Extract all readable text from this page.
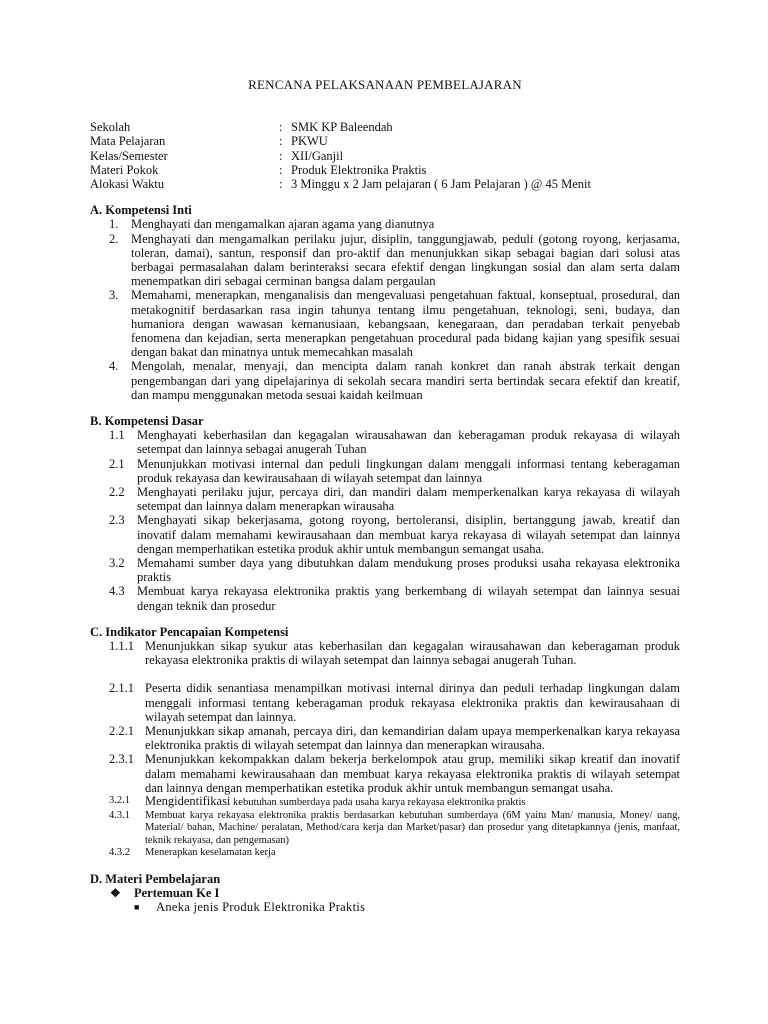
RENCANA PELAKSANAAN PEMBELAJARAN
Sekolah	: SMK KP Baleendah
Mata Pelajaran	: PKWU
Kelas/Semester	: XII/Ganjil
Materi Pokok	: Produk Elektronika Praktis
Alokasi Waktu	: 3 Minggu x 2 Jam pelajaran ( 6 Jam Pelajaran ) @ 45 Menit
A. Kompetensi Inti
1.	Menghayati dan mengamalkan ajaran agama yang dianutnya
2.	Menghayati dan mengamalkan perilaku jujur, disiplin, tanggungjawab, peduli (gotong royong, kerjasama, toleran, damai), santun, responsif dan pro-aktif dan menunjukkan sikap sebagai bagian dari solusi atas berbagai permasalahan dalam berinteraksi secara efektif dengan lingkungan sosial dan alam serta dalam menempatkan diri sebagai cerminan bangsa dalam pergaulan
3.	Memahami, menerapkan, menganalisis dan mengevaluasi pengetahuan faktual, konseptual, prosedural, dan metakognitif berdasarkan rasa ingin tahunya tentang ilmu pengetahuan, teknologi, seni, budaya, dan humaniora dengan wawasan kemanusiaan, kebangsaan, kenegaraan, dan peradaban terkait penyebab fenomena dan kejadian, serta menerapkan pengetahuan procedural pada bidang kajian yang spesifik sesuai dengan bakat dan minatnya untuk memecahkan masalah
4.	Mengolah, menalar, menyaji, dan mencipta dalam ranah konkret dan ranah abstrak terkait dengan pengembangan dari yang dipelajarinya di sekolah secara mandiri serta bertindak secara efektif dan kreatif, dan mampu menggunakan metoda sesuai kaidah keilmuan
B. Kompetensi Dasar
1.1 Menghayati keberhasilan dan kegagalan wirausahawan dan keberagaman produk rekayasa di wilayah setempat dan lainnya sebagai anugerah Tuhan
2.1 Menunjukkan motivasi internal dan peduli lingkungan dalam menggali informasi tentang keberagaman produk rekayasa dan kewirausahaan di wilayah setempat dan lainnya
2.2 Menghayati perilaku jujur, percaya diri, dan mandiri dalam memperkenalkan karya rekayasa di wilayah setempat dan lainnya dalam menerapkan wirausaha
2.3 Menghayati sikap bekerjasama, gotong royong, bertoleransi, disiplin, bertanggung jawab, kreatif dan inovatif dalam memahami kewirausahaan dan membuat karya rekayasa di wilayah setempat dan lainnya dengan memperhatikan estetika produk akhir untuk membangun semangat usaha.
3.2 Memahami sumber daya yang dibutuhkan dalam mendukung proses produksi usaha rekayasa elektronika praktis
4.3 Membuat karya rekayasa elektronika praktis yang berkembang di wilayah setempat dan lainnya sesuai dengan teknik dan prosedur
C. Indikator Pencapaian Kompetensi
1.1.1 Menunjukkan sikap syukur atas keberhasilan dan kegagalan wirausahawan dan keberagaman produk rekayasa elektronika praktis di wilayah setempat dan lainnya sebagai anugerah Tuhan.
2.1.1 Peserta didik senantiasa menampilkan motivasi internal dirinya dan peduli terhadap lingkungan dalam menggali informasi tentang keberagaman produk rekayasa elektronika praktis dan kewirausahaan di wilayah setempat dan lainnya.
2.2.1 Menunjukkan sikap amanah, percaya diri, dan kemandirian dalam upaya memperkenalkan karya rekayasa elektronika praktis di wilayah setempat dan lainnya dan menerapkan wirausaha.
2.3.1 Menunjukkan kekompakkan dalam bekerja berkelompok atau grup, memiliki sikap kreatif dan inovatif dalam memahami kewirausahaan dan membuat karya rekayasa elektronika praktis di wilayah setempat dan lainnya dengan memperhatikan estetika produk akhir untuk membangun semangat usaha.
3.2.1	Mengidentifikasi kebutuhan sumberdaya pada usaha karya rekayasa elektronika praktis
4.3.1	Membuat karya rekayasa elektronika praktis berdasarkan kebutuhan sumberdaya (6M yaitu Man/ manusia, Money/ uang, Material/ bahan, Machine/ peralatan, Method/cara kerja dan Market/pasar) dan prosedur yang ditetapkannya (jenis, manfaat, teknik rekayasa, dan pengemasan)
4.3.2	Menerapkan keselamatan kerja
D. Materi Pembelajaran
❖	Pertemuan Ke I
■	Aneka jenis Produk Elektronika Praktis
